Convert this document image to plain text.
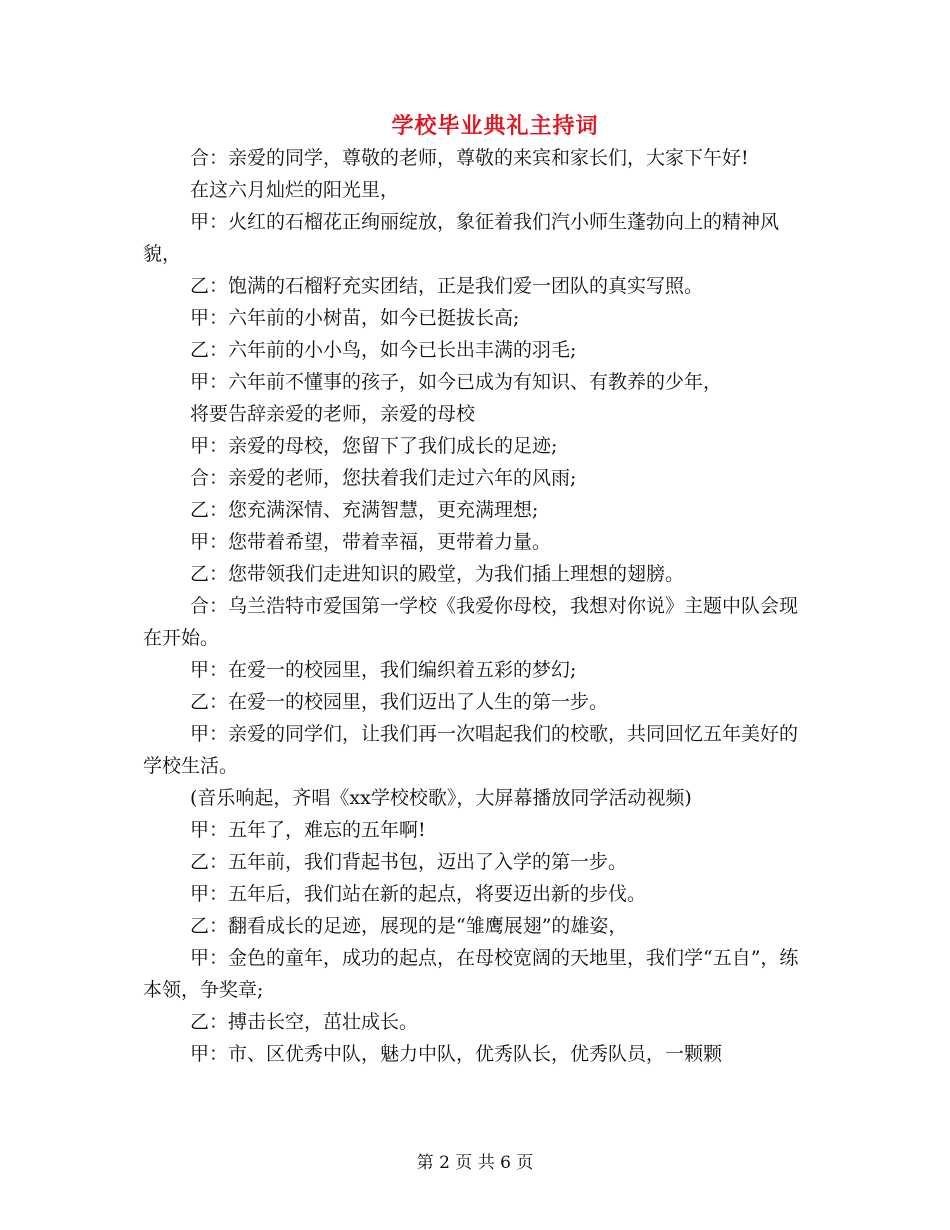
学校毕业典礼主持词

合：亲爱的同学，尊敬的老师，尊敬的来宾和家长们，大家下午好!

在这六月灿烂的阳光里，

甲：火红的石榴花正绚丽绽放，象征着我们汽小师生蓬勃向上的精神风貌，

乙：饱满的石榴籽充实团结，正是我们爱一团队的真实写照。

甲：六年前的小树苗，如今已挺拔长高;

乙：六年前的小小鸟，如今已长出丰满的羽毛;

甲：六年前不懂事的孩子，如今已成为有知识、有教养的少年，

将要告辞亲爱的老师，亲爱的母校

甲：亲爱的母校，您留下了我们成长的足迹;

合：亲爱的老师，您扶着我们走过六年的风雨;

乙：您充满深情、充满智慧，更充满理想;

甲：您带着希望，带着幸福，更带着力量。

乙：您带领我们走进知识的殿堂，为我们插上理想的翅膀。

合：乌兰浩特市爱国第一学校《我爱你母校，我想对你说》主题中队会现在开始。

甲：在爱一的校园里，我们编织着五彩的梦幻;

乙：在爱一的校园里，我们迈出了人生的第一步。

甲：亲爱的同学们，让我们再一次唱起我们的校歌，共同回忆五年美好的学校生活。

(音乐响起，齐唱《xx学校校歌》，大屏幕播放同学活动视频)

甲：五年了，难忘的五年啊!

乙：五年前，我们背起书包，迈出了入学的第一步。

甲：五年后，我们站在新的起点，将要迈出新的步伐。

乙：翻看成长的足迹，展现的是“雏鹰展翅”的雄姿，

甲：金色的童年，成功的起点，在母校宽阔的天地里，我们学“五自”，练本领，争奖章;

乙：搏击长空，茁壮成长。

甲：市、区优秀中队，魅力中队，优秀队长，优秀队员，一颗颗

第 2 页 共 6 页
